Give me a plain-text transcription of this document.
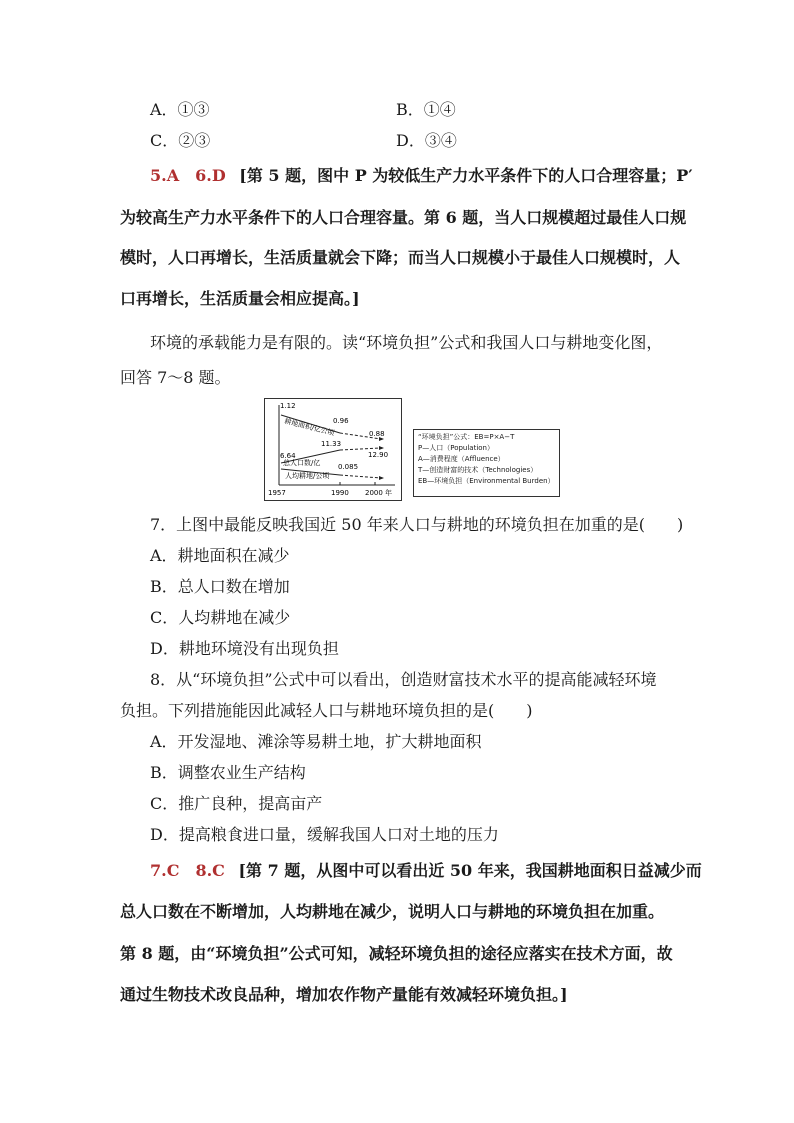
A．①③	B．①④
C．②③	D．③④
5.A　6.D [第 5 题，图中 P 为较低生产力水平条件下的人口合理容量；P′
为较高生产力水平条件下的人口合理容量。第 6 题，当人口规模超过最佳人口规
模时，人口再增长，生活质量就会下降；而当人口规模小于最佳人口规模时，人
口再增长，生活质量会相应提高。]
环境的承载能力是有限的。读“环境负担”公式和我国人口与耕地变化图，
回答 7～8 题。
1.12
耕地面积/亿公顷
0.96
0.88
11.33
12.90
6.64
总人口数/亿	0.085
人均耕地/公顷
1957	1990 2000 年
“环境负担”公式：EB=P×A−T
P—人口（Population）
A—消费程度（Affluence）
T—创造财富的技术（Technologies）
EB—环境负担（Environmental Burden）
7．上图中最能反映我国近 50 年来人口与耕地的环境负担在加重的是(　　)
A．耕地面积在减少
B．总人口数在增加
C．人均耕地在减少
D．耕地环境没有出现负担
8．从“环境负担”公式中可以看出，创造财富技术水平的提高能减轻环境
负担。下列措施能因此减轻人口与耕地环境负担的是(　　)
A．开发湿地、滩涂等易耕土地，扩大耕地面积
B．调整农业生产结构
C．推广良种，提高亩产
D．提高粮食进口量，缓解我国人口对土地的压力
7.C　8.C [第 7 题，从图中可以看出近 50 年来，我国耕地面积日益减少而
总人口数在不断增加，人均耕地在减少，说明人口与耕地的环境负担在加重。
第 8 题，由“环境负担”公式可知，减轻环境负担的途径应落实在技术方面，故
通过生物技术改良品种，增加农作物产量能有效减轻环境负担。]
